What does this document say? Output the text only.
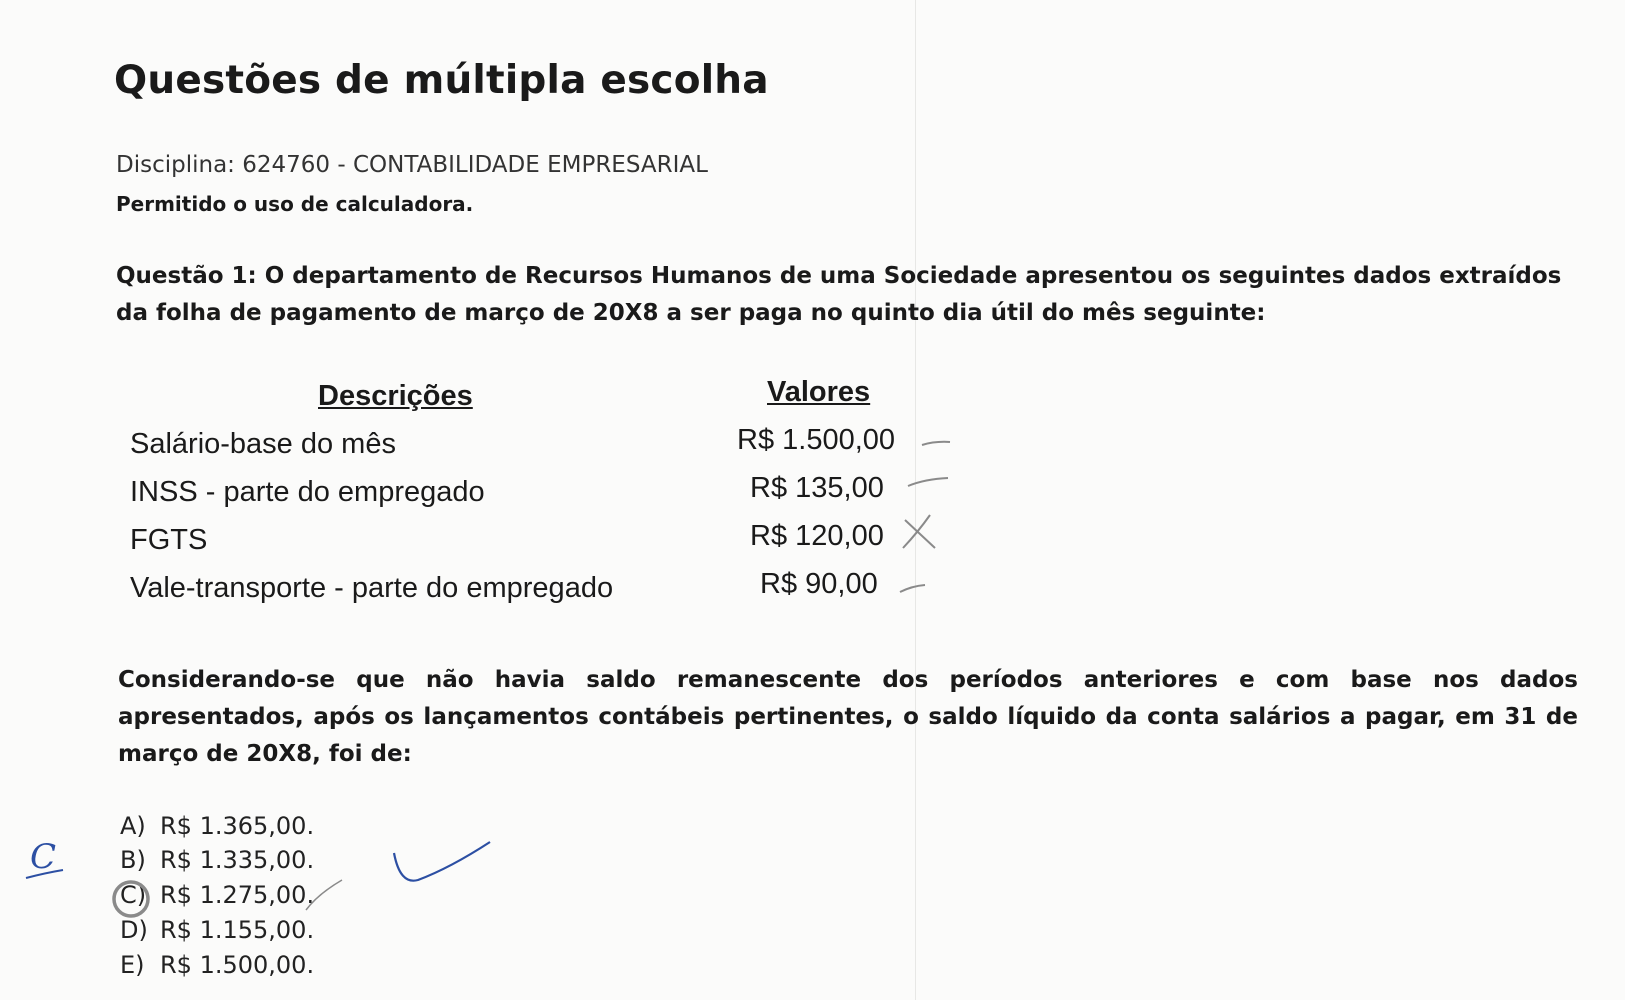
Questões de múltipla escolha
Disciplina: 624760 - CONTABILIDADE EMPRESARIAL
Permitido o uso de calculadora.
Questão 1: O departamento de Recursos Humanos de uma Sociedade apresentou os seguintes dados extraídos da folha de pagamento de março de 20X8 a ser paga no quinto dia útil do mês seguinte:
Descrições	Valores
Salário-base do mês	R$ 1.500,00
INSS - parte do empregado	R$ 135,00
FGTS	R$ 120,00
Vale-transporte - parte do empregado	R$ 90,00
Considerando-se que não havia saldo remanescente dos períodos anteriores e com base nos dados apresentados, após os lançamentos contábeis pertinentes, o saldo líquido da conta salários a pagar, em 31 de março de 20X8, foi de:
A) R$ 1.365,00.
B) R$ 1.335,00.
C) R$ 1.275,00.
D) R$ 1.155,00.
E) R$ 1.500,00.
C
